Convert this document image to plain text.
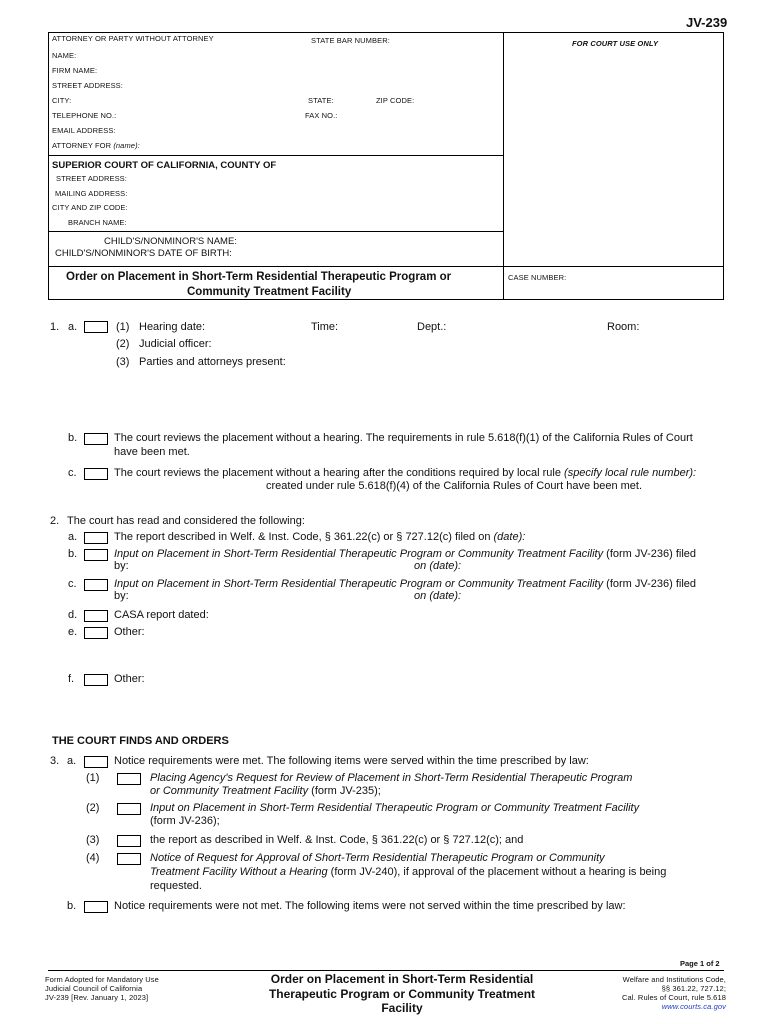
JV-239
ATTORNEY OR PARTY WITHOUT ATTORNEY	STATE BAR NUMBER:	FOR COURT USE ONLY
NAME:
FIRM NAME:
STREET ADDRESS:
CITY:	STATE:	ZIP CODE:
TELEPHONE NO.:	FAX NO.:
EMAIL ADDRESS:
ATTORNEY FOR (name):
SUPERIOR COURT OF CALIFORNIA, COUNTY OF
STREET ADDRESS:
MAILING ADDRESS:
CITY AND ZIP CODE:
BRANCH NAME:
CHILD'S/NONMINOR'S NAME:
CHILD'S/NONMINOR'S DATE OF BIRTH:
Order on Placement in Short-Term Residential Therapeutic Program or
Community Treatment Facility
CASE NUMBER:
1. a.	(1) Hearing date:	Time:	Dept.:	Room:
(2) Judicial officer:
(3) Parties and attorneys present:
b.	The court reviews the placement without a hearing. The requirements in rule 5.618(f)(1) of the California Rules of Court
have been met.
c.	The court reviews the placement without a hearing after the conditions required by local rule (specify local rule number):
created under rule 5.618(f)(4) of the California Rules of Court have been met.
2. The court has read and considered the following:
a.	The report described in Welf. & Inst. Code, § 361.22(c) or § 727.12(c) filed on (date):
b.	Input on Placement in Short-Term Residential Therapeutic Program or Community Treatment Facility (form JV-236) filed
by:	on (date):
c.	Input on Placement in Short-Term Residential Therapeutic Program or Community Treatment Facility (form JV-236) filed
by:	on (date):
d.	CASA report dated:
e.	Other:
f.	Other:
THE COURT FINDS AND ORDERS
3. a.	Notice requirements were met. The following items were served within the time prescribed by law:
(1)	Placing Agency's Request for Review of Placement in Short-Term Residential Therapeutic Program
or Community Treatment Facility (form JV-235);
(2)	Input on Placement in Short-Term Residential Therapeutic Program or Community Treatment Facility
(form JV-236);
(3)	the report as described in Welf. & Inst. Code, § 361.22(c) or § 727.12(c); and
(4)	Notice of Request for Approval of Short-Term Residential Therapeutic Program or Community
Treatment Facility Without a Hearing (form JV-240), if approval of the placement without a hearing is being
requested.
b.	Notice requirements were not met. The following items were not served within the time prescribed by law:
Page 1 of 2
Form Adopted for Mandatory Use
Judicial Council of California
JV-239 [Rev. January 1, 2023]
Order on Placement in Short-Term Residential
Therapeutic Program or Community Treatment
Facility
Welfare and Institutions Code,
§§ 361.22, 727.12;
Cal. Rules of Court, rule 5.618
www.courts.ca.gov
